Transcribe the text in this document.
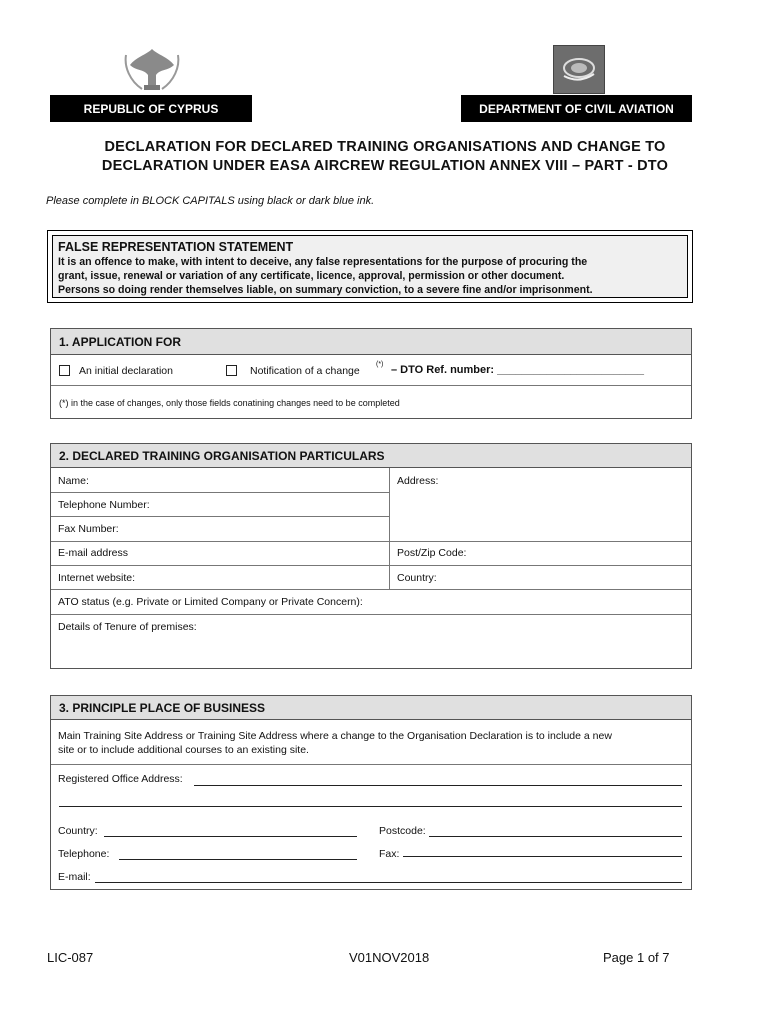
REPUBLIC OF CYPRUS	DEPARTMENT OF CIVIL AVIATION
DECLARATION FOR DECLARED TRAINING ORGANISATIONS AND CHANGE TO
DECLARATION UNDER EASA AIRCREW REGULATION ANNEX VIII – PART - DTO
Please complete in BLOCK CAPITALS using black or dark blue ink.
FALSE REPRESENTATION STATEMENT
It is an offence to make, with intent to deceive, any false representations for the purpose of procuring the
grant, issue, renewal or variation of any certificate, licence, approval, permission or other document.
Persons so doing render themselves liable, on summary conviction, to a severe fine and/or imprisonment.
1. APPLICATION FOR
An initial declaration	Notification of a change
(*) – DTO Ref. number: ________________________
(*) in the case of changes, only those fields conatining changes need to be completed
2. DECLARED TRAINING ORGANISATION PARTICULARS
Name:	Address:
Telephone Number:
Fax Number:
E-mail address	Post/Zip Code:
Internet website:	Country:
ATO status (e.g. Private or Limited Company or Private Concern):
Details of Tenure of premises:
3. PRINCIPLE PLACE OF BUSINESS
Main Training Site Address or Training Site Address where a change to the Organisation Declaration is to include a new
site or to include additional courses to an existing site.
Registered Office Address:
Country:	Postcode:
Telephone:	Fax:
E-mail:
LIC-087	V01NOV2018	Page 1 of 7
